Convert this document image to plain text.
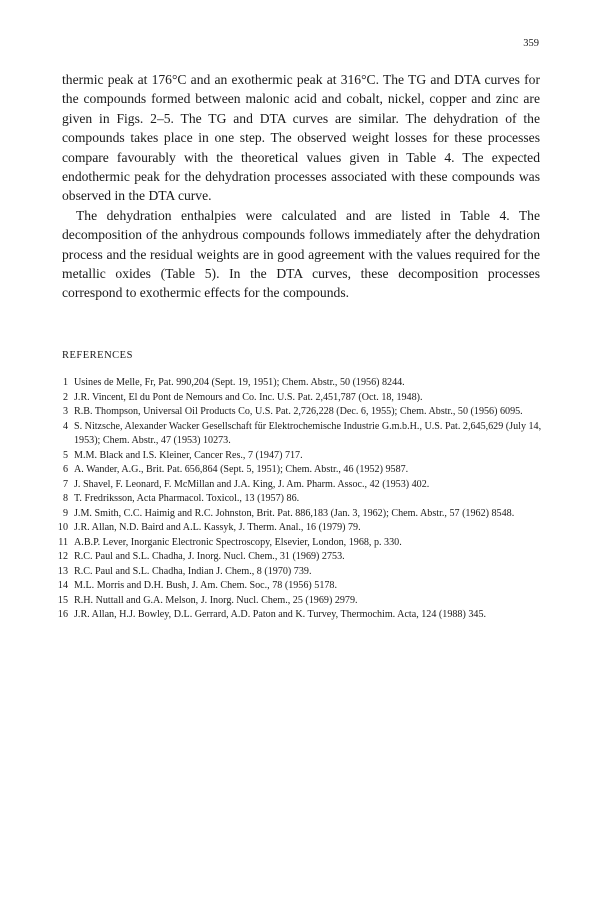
359

thermic peak at 176°C and an exothermic peak at 316°C. The TG and DTA curves for the compounds formed between malonic acid and cobalt, nickel, copper and zinc are given in Figs. 2–5. The TG and DTA curves are similar. The dehydration of the compounds takes place in one step. The observed weight losses for these processes compare favourably with the theoretical values given in Table 4. The expected endothermic peak for the dehydration processes associated with these compounds was observed in the DTA curve.

The dehydration enthalpies were calculated and are listed in Table 4. The decomposition of the anhydrous compounds follows immediately after the dehydration process and the residual weights are in good agreement with the values required for the metallic oxides (Table 5). In the DTA curves, these decomposition processes correspond to exothermic effects for the compounds.

REFERENCES
1 Usines de Melle, Fr, Pat. 990,204 (Sept. 19, 1951); Chem. Abstr., 50 (1956) 8244.
2 J.R. Vincent, El du Pont de Nemours and Co. Inc. U.S. Pat. 2,451,787 (Oct. 18, 1948).
3 R.B. Thompson, Universal Oil Products Co, U.S. Pat. 2,726,228 (Dec. 6, 1955); Chem. Abstr., 50 (1956) 6095.
4 S. Nitzsche, Alexander Wacker Gesellschaft für Elektrochemische Industrie G.m.b.H., U.S. Pat. 2,645,629 (July 14, 1953); Chem. Abstr., 47 (1953) 10273.
5 M.M. Black and I.S. Kleiner, Cancer Res., 7 (1947) 717.
6 A. Wander, A.G., Brit. Pat. 656,864 (Sept. 5, 1951); Chem. Abstr., 46 (1952) 9587.
7 J. Shavel, F. Leonard, F. McMillan and J.A. King, J. Am. Pharm. Assoc., 42 (1953) 402.
8 T. Fredriksson, Acta Pharmacol. Toxicol., 13 (1957) 86.
9 J.M. Smith, C.C. Haimig and R.C. Johnston, Brit. Pat. 886,183 (Jan. 3, 1962); Chem. Abstr., 57 (1962) 8548.
10 J.R. Allan, N.D. Baird and A.L. Kassyk, J. Therm. Anal., 16 (1979) 79.
11 A.B.P. Lever, Inorganic Electronic Spectroscopy, Elsevier, London, 1968, p. 330.
12 R.C. Paul and S.L. Chadha, J. Inorg. Nucl. Chem., 31 (1969) 2753.
13 R.C. Paul and S.L. Chadha, Indian J. Chem., 8 (1970) 739.
14 M.L. Morris and D.H. Bush, J. Am. Chem. Soc., 78 (1956) 5178.
15 R.H. Nuttall and G.A. Melson, J. Inorg. Nucl. Chem., 25 (1969) 2979.
16 J.R. Allan, H.J. Bowley, D.L. Gerrard, A.D. Paton and K. Turvey, Thermochim. Acta, 124 (1988) 345.
